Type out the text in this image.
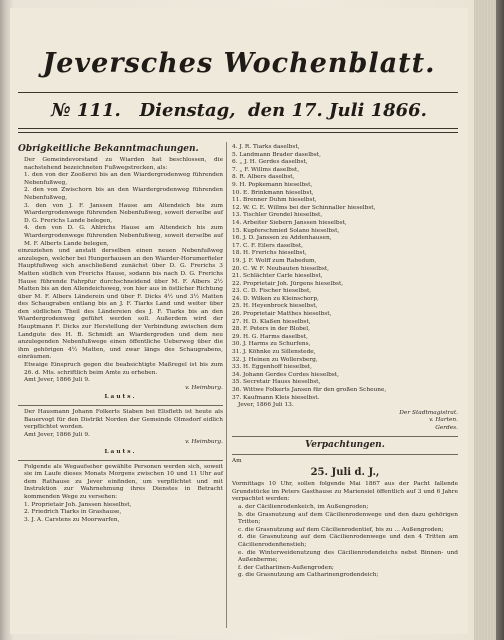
Jeversches Wochenblatt.
№ 111. Dienstag, den 17. Juli 1866.
Obrigkeitliche Bekanntmachungen.

Der Gemeindevorstand zu Wiarden hat beschlossen, die nachstehend bezeichneten Fußwegstrecken, als:

1. den von der Zooßerei bis an den Wiardergrodenweg führenden Nebenfußweg,

2. den von Zwischorn bis an den Wiardergrodenweg führenden Nebenfußweg,

3. den von J. F. Janssen Hause am Altendeich bis zum Wiardergrodenwege führenden Nebenfußweg, soweit derselbe auf D. G. Frerichs Lande belegen,

4. den von D. G. Ahlrichs Hause am Altendeich bis zum Wiardergrodenwege führenden Nebenfußweg, soweit derselbe auf M. F. Alberts Lande belegen,

einzuziehen und anstatt derselben einen neuen Nebenfußweg anzulegen, welcher bei Hungerhausen an den Wiarder-Horumerfieler Hauptfußweg sich anschließend zunächst über D. G. Frerichs 3 Matten südlich von Frerichs Hause, sodann bis nach D. G. Frerichs Hause führende Fahrpfur durchschneidend über M. F. Albers 2½ Matten bis an den Allendeichsweg, von hier aus in östlicher Richtung über M. F. Albers Länderein und über F. Dicks 4½ und 3½ Matten des Schaugraben entlang bis an J. F. Tiarks Land und weiter über den südlichen Theil des Ländereien des J. F. Tiarks bis an den Wiardergrodenweg geführt werden soll. Außerdem wird der Hauptmann F. Dicks zur Herstellung der Verbindung zwischen dem Landgute des H. B. Schmidt an Wiardergroden und dem neu anzulegenden Nebenfußwege einen öffentliche Ueberweg über die ihm gehörigen 4½ Matten, und zwar längs des Schaugrabens, einräumen.

Etwaige Einspruch gegen die beabsichtigte Maßregel ist bis zum 26. d. Mts. schriftlich beim Amte zu erheben.

Amt Jever, 1866 Juli 9.

v. Heimburg.

Lauts.

Der Hausmann Johann Folkerts Siaben bei Elisfleth ist heute als Bauervogt für den Distrikt Norden der Gemeinde Olmsdorf eidlich verpflichtet worden.

Amt Jever, 1866 Juli 9.

v. Heimburg.

Lauts.

Folgende als Wegaufseher gewählte Personen werden sich, soweit sie im Laufe dieses Monats Morgens zwischen 10 und 11 Uhr auf dem Rathause zu Jever einfinden, um verpflichtet und mit Instruktion zur Wahrnehmung ihres Dienstes in Betracht kommenden Wege zu versehen:

1. Proprietair Joh. Janssen hieselbst,

2. Friedrich Tiarks in Grashause,

3. J. A. Carstens zu Moorwarfen,

4. J. R. Tiarks daselbst,

5. Landmann Brader daselbst,

6. „ J. H. Gerdes daselbst,

7. „ F. Willms daselbst,

8. R. Albers daselbst,

9. H. Popkemann hieselbst,

10. E. Brinkmann hieselbst,

11. Brenner Duhm hieselbst,

12. W. C. E. Willms bei der Schinnaller hieselbst,

13. Tischler Grendel hieselbst,

14. Arbeiter Siebern Janssen hieselbst,

15. Kupferschmied Solano hieselbst,

16. J. D. Janssen zu Addenhausen,

17. C. F. Eilers daselbst,

18. H. Frerichs hieselbst,

19. J. F. Wolff zum Rabedum,

20. C. W. F. Neubauten hieselbst,

21. Schlächter Carle hieselbst,

22. Proprietair Joh. Jürgens hieselbst,

23. C. D. Fischer hieselbst,

24. D. Wilken zu Kleinschorp,

25. H. Heyenbrock hieselbst,

26. Proprietair Matthes hieselbst,

27. H. D. Klaßen hieselbst,

28. F. Peters in der Blobel,

29. H. G. Harms daselbst,

30. J. Harms zu Schurfens,

31. J. Köhnke zu Sillenstede,

32. J. Heinen zu Wollersberg,

33. H. Eggenhoff hieselbst,

34. Johann Gerdes Cordes hieselbst,

35. Secretair Hauss hieselbst,

36. Wittwe Folkerts Jansen für den großen Scheune,

37. Kaufmann Kleis hieselbst.

Jever, 1866 Juli 13.

Der Stadtmagistrat.

v. Harten.

Gerdes.

Verpachtungen.

Am

25. Juli d. J.,

Vormittags 10 Uhr, sollen folgende Mai 1867 aus der Pacht fallende Grundstücke im Peters Gasthause zu Mariensiel öffentlich auf 3 und 6 Jahre verpachtet werden:

a. der Cäcilienrodenkeich, im Außengroden;

b. die Grasnutzung auf dem Cäcilienrodenwege und den dazu gehörigen Tritten;

c. die Grasnutzung auf dem Cäcilienrodentief, bis zu ... Außengroden;

d. die Grasnutzung auf dem Cäcilienrodenwege und den 4 Tritten am Cäcilienrodenfienstieh;

e. die Winterweidenutzung des Cäcilienrodendeichs nebst Binnen- und Außenberme;

f. der Cathariinen-Außengroden;

g. die Grasnutzung am Catharinengrodendeich;
